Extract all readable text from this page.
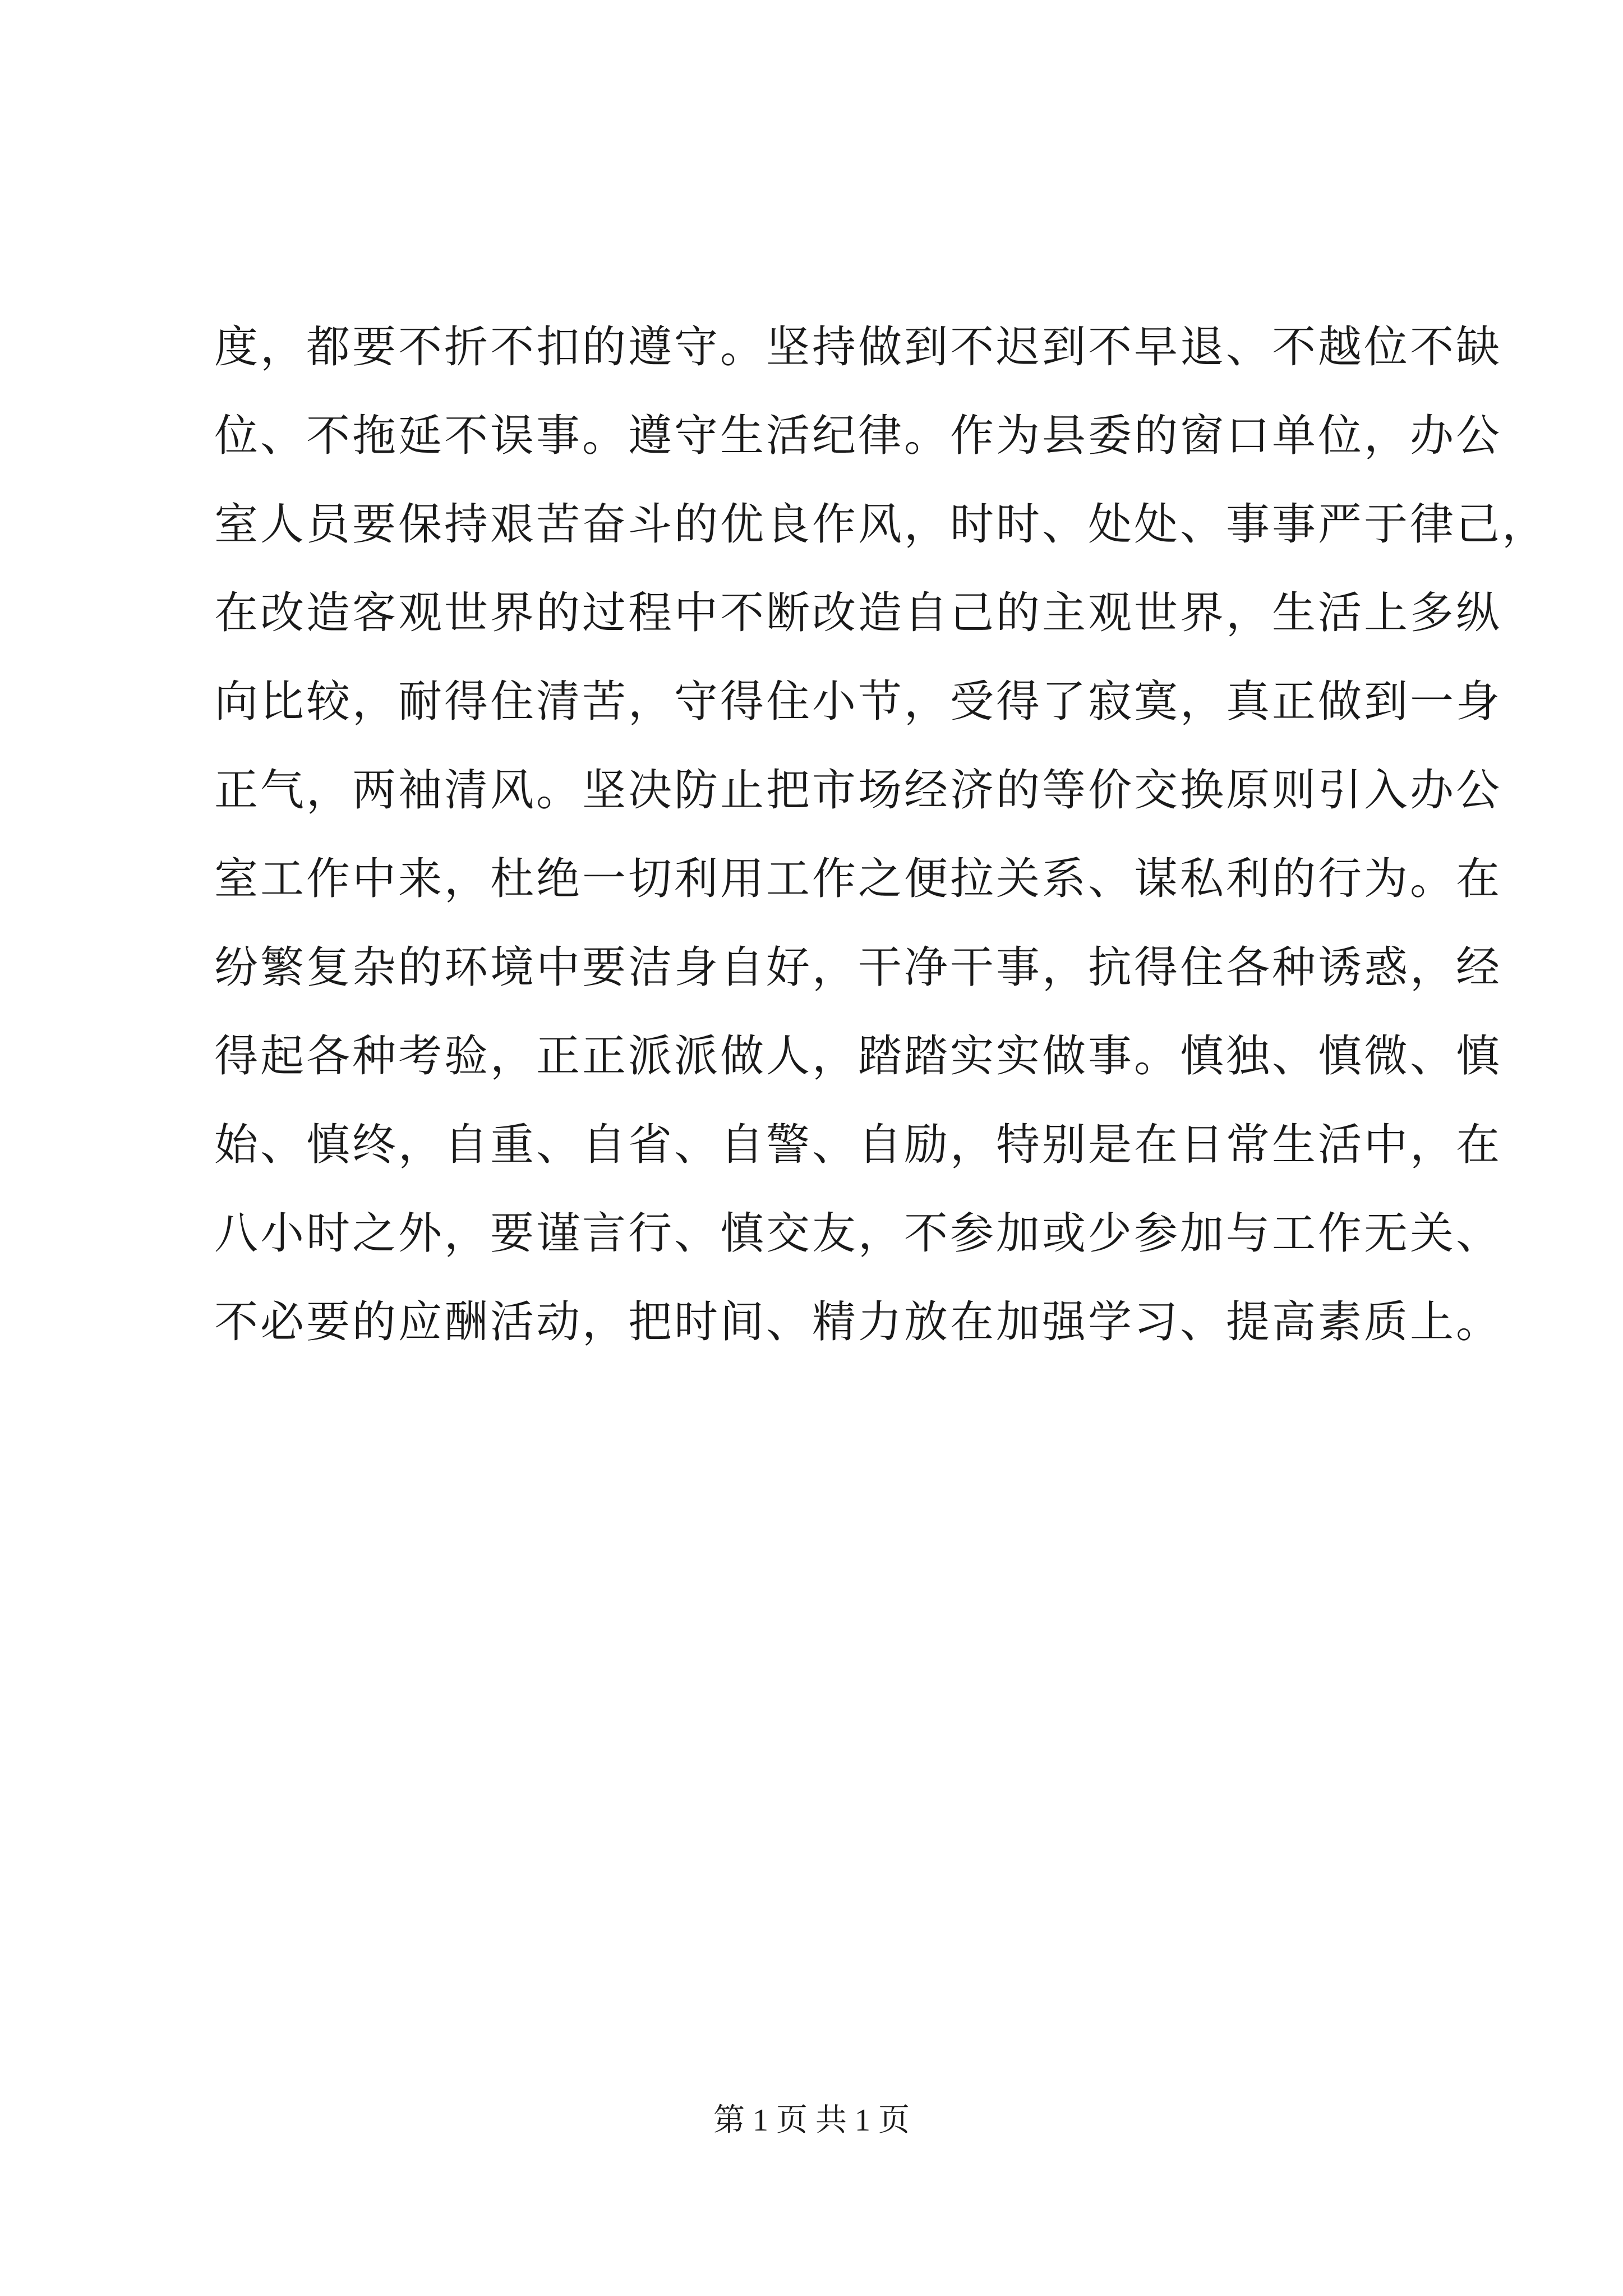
度，都要不折不扣的遵守。坚持做到不迟到不早退、不越位不缺
位、不拖延不误事。遵守生活纪律。作为县委的窗口单位，办公
室人员要保持艰苦奋斗的优良作风，时时、处处、事事严于律己，
在改造客观世界的过程中不断改造自己的主观世界，生活上多纵
向比较，耐得住清苦，守得住小节，受得了寂寞，真正做到一身
正气，两袖清风。坚决防止把市场经济的等价交换原则引入办公
室工作中来，杜绝一切利用工作之便拉关系、谋私利的行为。在
纷繁复杂的环境中要洁身自好，干净干事，抗得住各种诱惑，经
得起各种考验，正正派派做人，踏踏实实做事。慎独、慎微、慎
始、慎终，自重、自省、自警、自励，特别是在日常生活中，在
八小时之外，要谨言行、慎交友，不参加或少参加与工作无关、
不必要的应酬活动，把时间、精力放在加强学习、提高素质上。
第 1 页 共 1 页
